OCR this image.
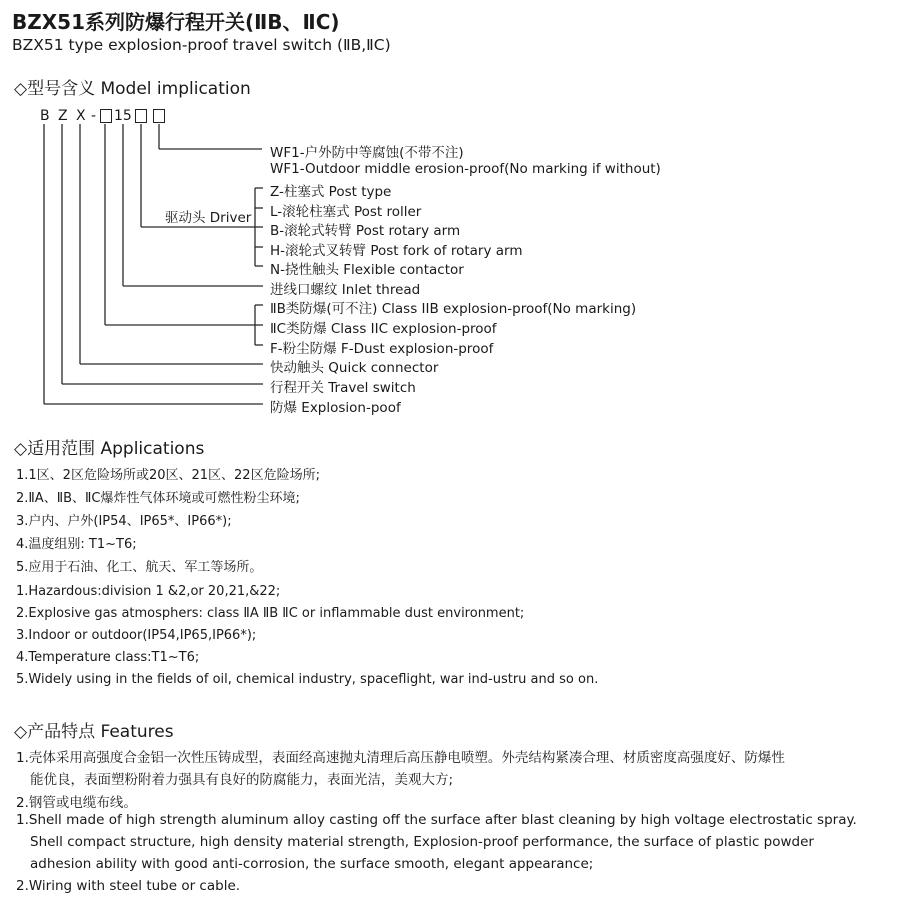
BZX51系列防爆行程开关(ⅡB、ⅡC)
BZX51 type explosion-proof travel switch (ⅡB,ⅡC)
◇型号含义 Model implication
B Z X - 15
驱动头 Driver
WF1-户外防中等腐蚀(不带不注)
WF1-Outdoor middle erosion-proof(No marking if without)
Z-柱塞式 Post type
L-滚轮柱塞式 Post roller
B-滚轮式转臂 Post rotary arm
H-滚轮式叉转臂 Post fork of rotary arm
N-挠性触头 Flexible contactor
进线口螺纹 Inlet thread
ⅡB类防爆(可不注) Class IIB explosion-proof(No marking)
ⅡC类防爆 Class IIC explosion-proof
F-粉尘防爆 F-Dust explosion-proof
快动触头 Quick connector
行程开关 Travel switch
防爆 Explosion-poof
◇适用范围 Applications
1.1区、2区危险场所或20区、21区、22区危险场所;
2.ⅡA、ⅡB、ⅡC爆炸性气体环境或可燃性粉尘环境;
3.户内、户外(IP54、IP65*、IP66*);
4.温度组别: T1~T6;
5.应用于石油、化工、航天、军工等场所。
1.Hazardous:division 1 &2,or 20,21,&22;
2.Explosive gas atmosphers: class ⅡA ⅡB ⅡC or inflammable dust environment;
3.Indoor or outdoor(IP54,IP65,IP66*);
4.Temperature class:T1~T6;
5.Widely using in the fields of oil, chemical industry, spaceflight, war ind-ustru and so on.
◇产品特点 Features
1.壳体采用高强度合金铝一次性压铸成型，表面经高速抛丸清理后高压静电喷塑。外壳结构紧凑合理、材质密度高强度好、防爆性
能优良，表面塑粉附着力强具有良好的防腐能力，表面光洁，美观大方;
2.钢管或电缆布线。
1.Shell made of high strength aluminum alloy casting off the surface after blast cleaning by high voltage electrostatic spray.
Shell compact structure, high density material strength, Explosion-proof performance, the surface of plastic powder
adhesion ability with good anti-corrosion, the surface smooth, elegant appearance;
2.Wiring with steel tube or cable.
